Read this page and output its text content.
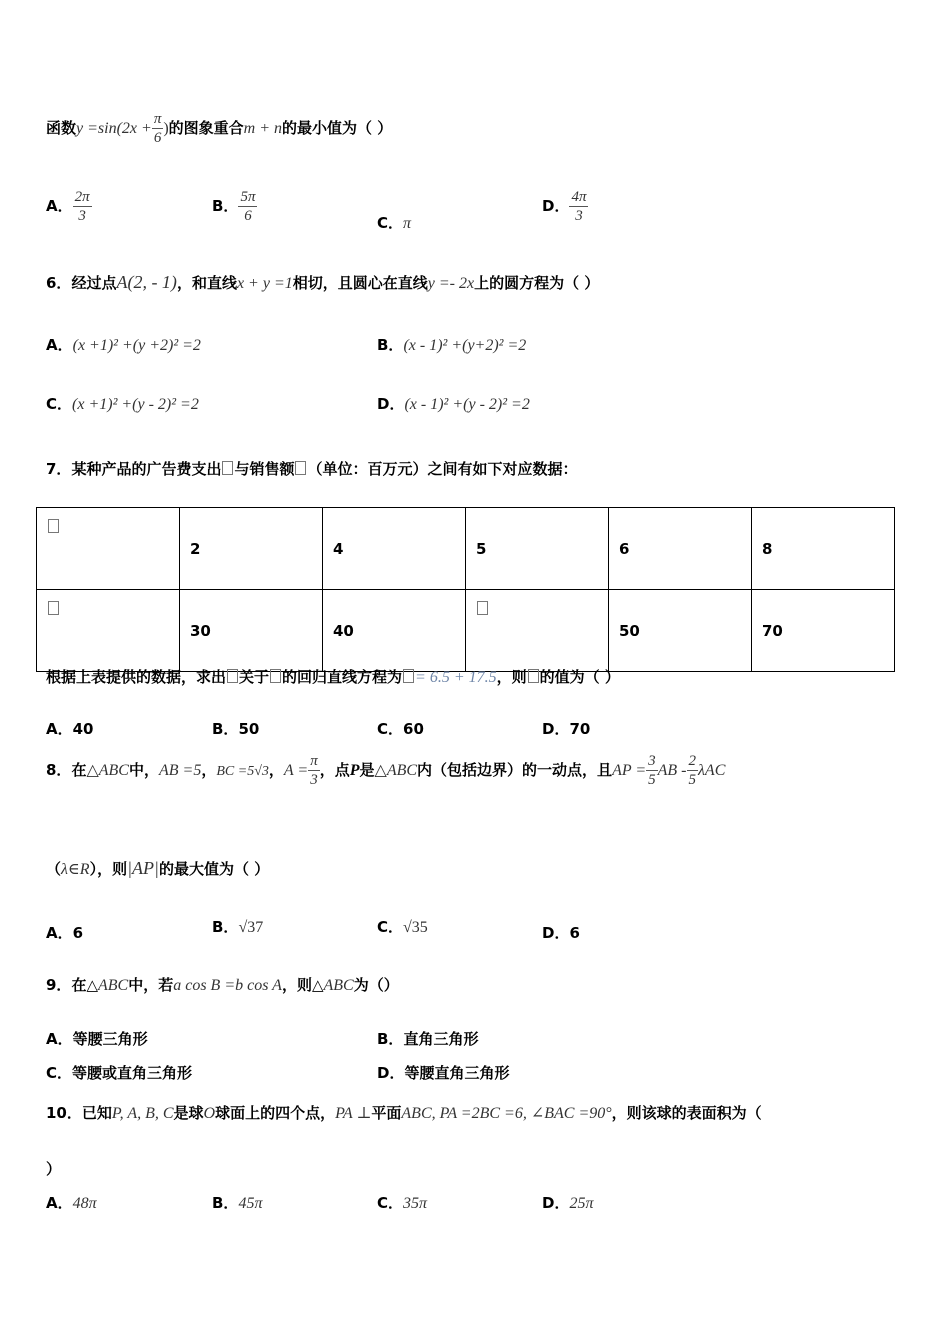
函数$y =\sin(2x + \frac{\pi}{6}$ )的图象重合m + n的最小值为（ ）
A． $\frac{2\pi}{3}$	B． $\frac{5\pi}{6}$	C．π
D． $\frac{4\pi}{3}$
6．经过点A(2, - 1)，和直线x + y =1相切，且圆心在直线y =- 2x上的圆方程为（ ）
A．(x +1)² +(y +2)² =2	B．(x - 1)² +(y+2)² =2
C．(x +1)² +(y - 2)² =2	D．(x - 1)² +(y - 2)² =2
7．某种产品的广告费支出 与销售额 （单位：百万元）之间有如下对应数据：
	2	4	5	6	8
	30	40		50	70
根据上表提供的数据，求出 关于 的回归直线方程为 = 6.5 + 17.5，则 的值为（ ）
A．40	B．50	C．60	D．70
8．在△ABC中，AB =5，BC =5√3，$A = \frac{\pi}{3}$ ，点P是△ABC内（包括边界）的一动点，且AP = $\frac{3}{5}$ AB - $\frac{2}{5}$ λAC
（λ∈R），则|AP|的最大值为（ ）
A．6	B．√37	C．√35	D．6
9．在△ABC中，若a cos B =b cos A，则△ABC为（）
A．等腰三角形	B．直角三角形
C．等腰或直角三角形	D．等腰直角三角形
10．已知P, A, B, C是球O球面上的四个点，PA ⊥平面ABC, PA =2BC =6, ∠BAC =90°，则该球的表面积为（
）
A．48π	B．45π	C．35π	D．25π
